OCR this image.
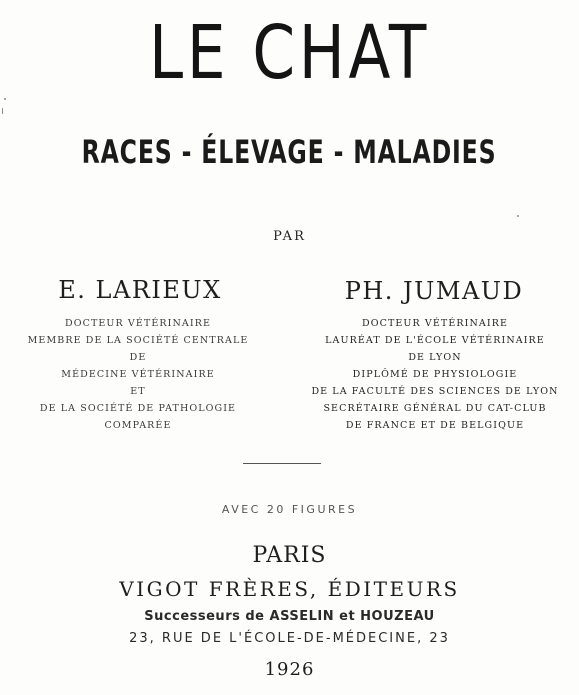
LE CHAT
RACES - ÉLEVAGE - MALADIES
PAR
E. LARIEUX	PH. JUMAUD
DOCTEUR VÉTÉRINAIRE
MEMBRE DE LA SOCIÉTÉ CENTRALE
DE
MÉDECINE VÉTÉRINAIRE
ET
DE LA SOCIÉTÉ DE PATHOLOGIE
COMPARÉE
DOCTEUR VÉTÉRINAIRE
LAURÉAT DE L'ÉCOLE VÉTÉRINAIRE
DE LYON
DIPLÔMÉ DE PHYSIOLOGIE
DE LA FACULTÉ DES SCIENCES DE LYON
SECRÉTAIRE GÉNÉRAL DU CAT-CLUB
DE FRANCE ET DE BELGIQUE
AVEC 20 FIGURES
PARIS
VIGOT FRÈRES, ÉDITEURS
Successeurs de ASSELIN et HOUZEAU
23, RUE DE L'ÉCOLE-DE-MÉDECINE, 23
1926
